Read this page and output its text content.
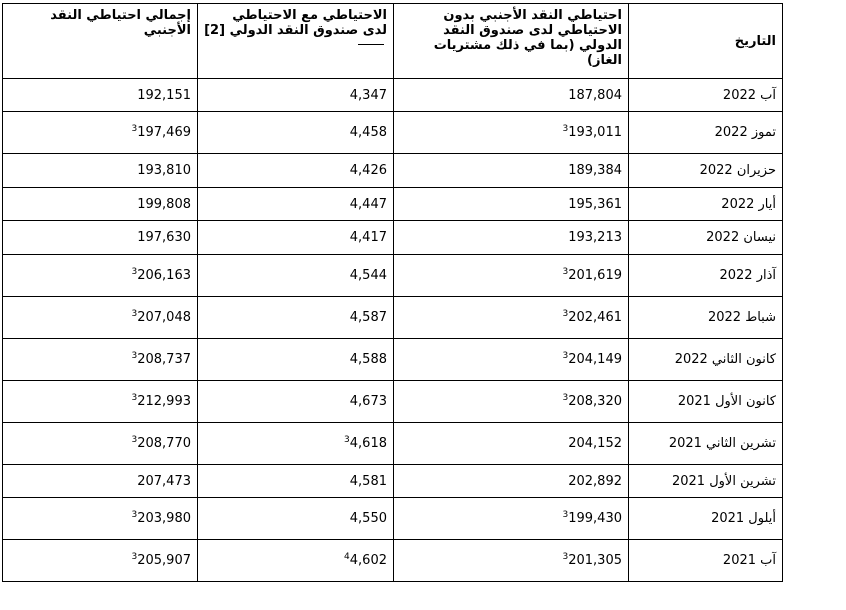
التاريخ	احتياطي النقد الأجنبي بدون الاحتياطي لدى صندوق النقد الدولي (بما في ذلك مشتريات الغاز)	الاحتياطي مع الاحتياطي لدى صندوق النقد الدولي [2]	إجمالي احتياطي النقد الأجنبي
آب 2022	187,804	4,347	192,151
تموز 2022	$^3$193,011	4,458	$^3$197,469
حزيران 2022	189,384	4,426	193,810
أيار 2022	195,361	4,447	199,808
نيسان 2022	193,213	4,417	197,630
آذار 2022	$^3$201,619	4,544	$^3$206,163
شباط 2022	$^3$202,461	4,587	$^3$207,048
كانون الثاني 2022	$^3$204,149	4,588	$^3$208,737
كانون الأول 2021	$^3$208,320	4,673	$^3$212,993
تشرين الثاني 2021	204,152	$^3$4,618	$^3$208,770
تشرين الأول 2021	202,892	4,581	207,473
أيلول 2021	$^3$199,430	4,550	$^3$203,980
آب 2021	$^3$201,305	$^4$4,602	$^3$205,907
